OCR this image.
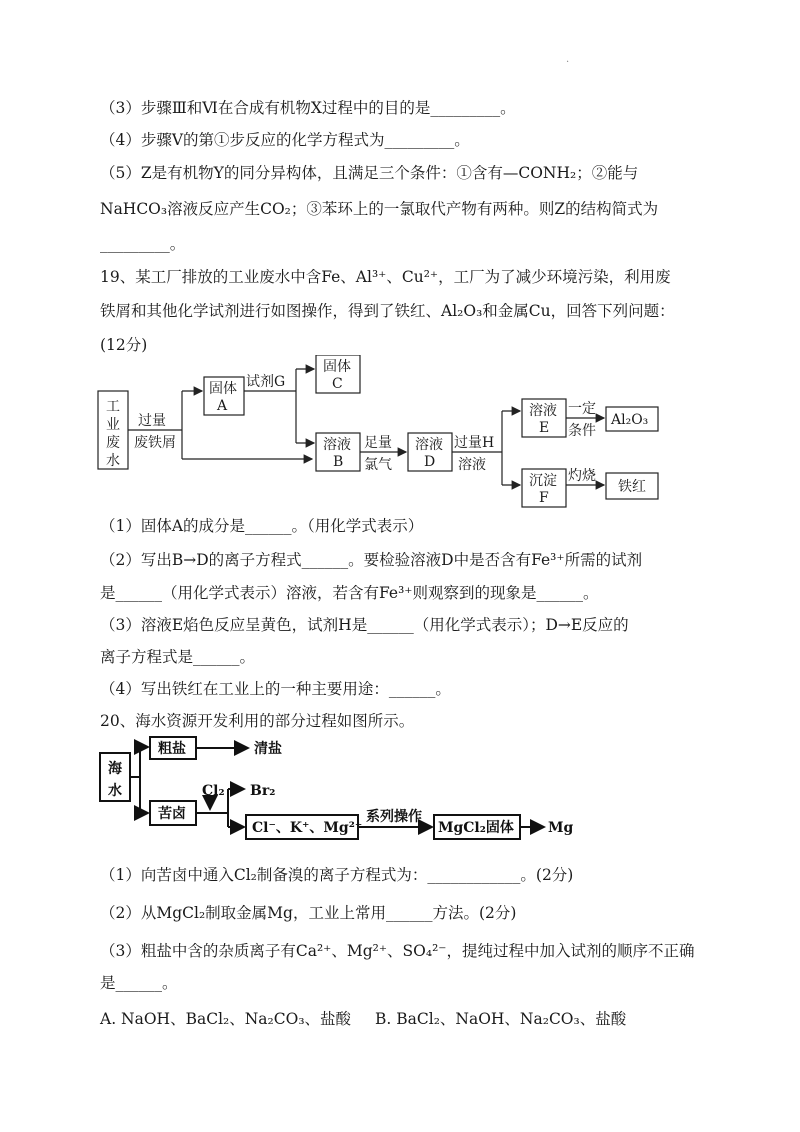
.
（3）步骤Ⅲ和Ⅵ在合成有机物X过程中的目的是_________。
（4）步骤V的第①步反应的化学方程式为_________。
（5）Z是有机物Y的同分异构体，且满足三个条件：①含有—CONH₂；②能与
NaHCO₃溶液反应产生CO₂；③苯环上的一氯取代产物有两种。则Z的结构简式为
_________。
19、某工厂排放的工业废水中含Fe、Al³⁺、Cu²⁺，工厂为了减少环境污染，利用废
铁屑和其他化学试剂进行如图操作，得到了铁红、Al₂O₃和金属Cu，回答下列问题：
(12分)
工
业
废
水
过量
废铁屑
固体
A
试剂G
固体
C
溶液
B
足量
氯气
溶液
D
过量H
溶液
溶液
E
一定
条件
Al₂O₃
沉淀
F
灼烧
铁红
（1）固体A的成分是______。（用化学式表示）
（2）写出B→D的离子方程式______。要检验溶液D中是否含有Fe³⁺所需的试剂
是______（用化学式表示）溶液，若含有Fe³⁺则观察到的现象是______。
（3）溶液E焰色反应呈黄色，试剂H是______（用化学式表示）；D→E反应的
离子方程式是______。
（4）写出铁红在工业上的一种主要用途：______。
20、海水资源开发利用的部分过程如图所示。
海
水
粗盐	清盐
苦卤
Cl₂ Br₂
Cl⁻、K⁺、Mg²⁺
系列操作
MgCl₂固体 Mg
（1）向苦卤中通入Cl₂制备溴的离子方程式为：____________。(2分)
（2）从MgCl₂制取金属Mg，工业上常用______方法。(2分)
（3）粗盐中含的杂质离子有Ca²⁺、Mg²⁺、SO₄²⁻，提纯过程中加入试剂的顺序不正确
是______。
A. NaOH、BaCl₂、Na₂CO₃、盐酸 B. BaCl₂、NaOH、Na₂CO₃、盐酸
